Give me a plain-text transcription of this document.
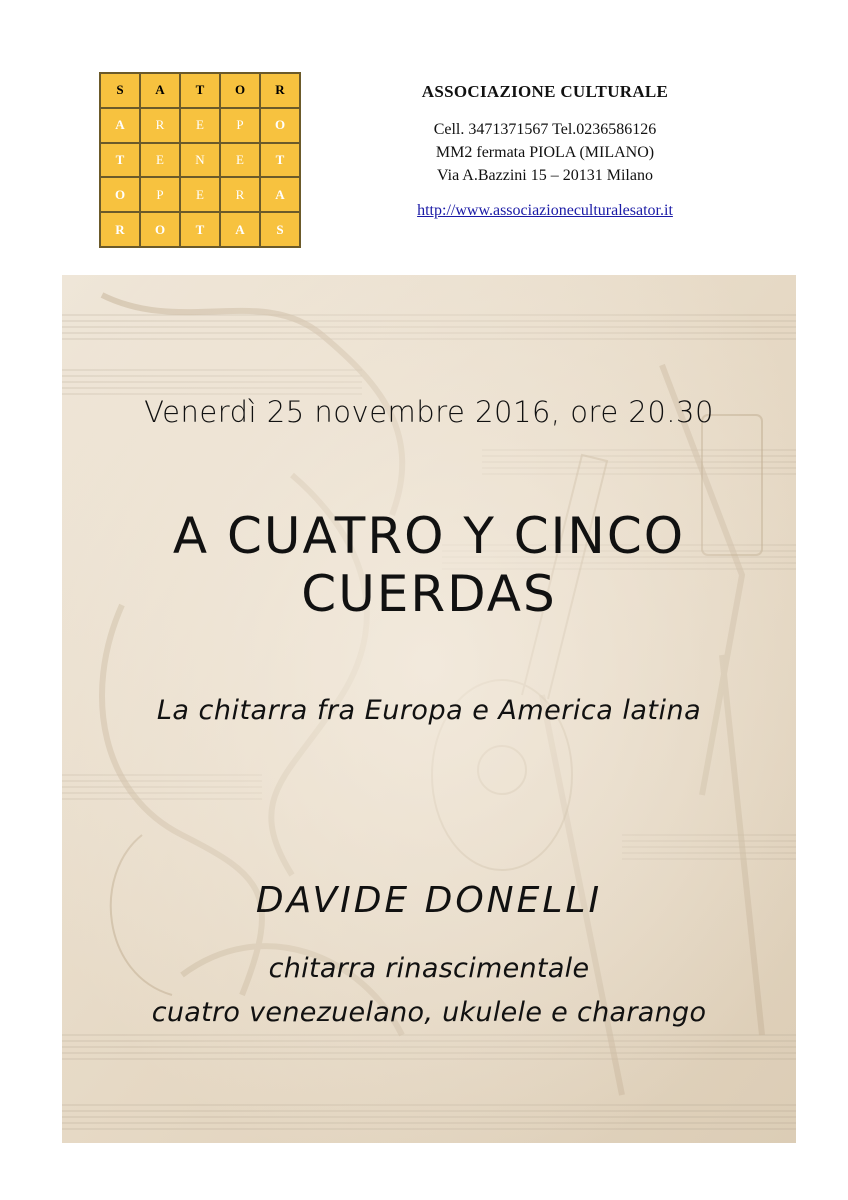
S	A	T	O	R
A	R	E	P	O
T	E	N	E	T
O	P	E	R	A
R	O	T	A	S
ASSOCIAZIONE CULTURALE
Cell. 3471371567 Tel.0236586126
MM2 fermata PIOLA (MILANO)
Via A.Bazzini 15 – 20131 Milano
http://www.associazioneculturalesator.it
Venerdì 25 novembre 2016, ore 20.30
A CUATRO Y CINCO
CUERDAS
La chitarra fra Europa e America latina
DAVIDE DONELLI
chitarra rinascimentale
cuatro venezuelano, ukulele e charango
